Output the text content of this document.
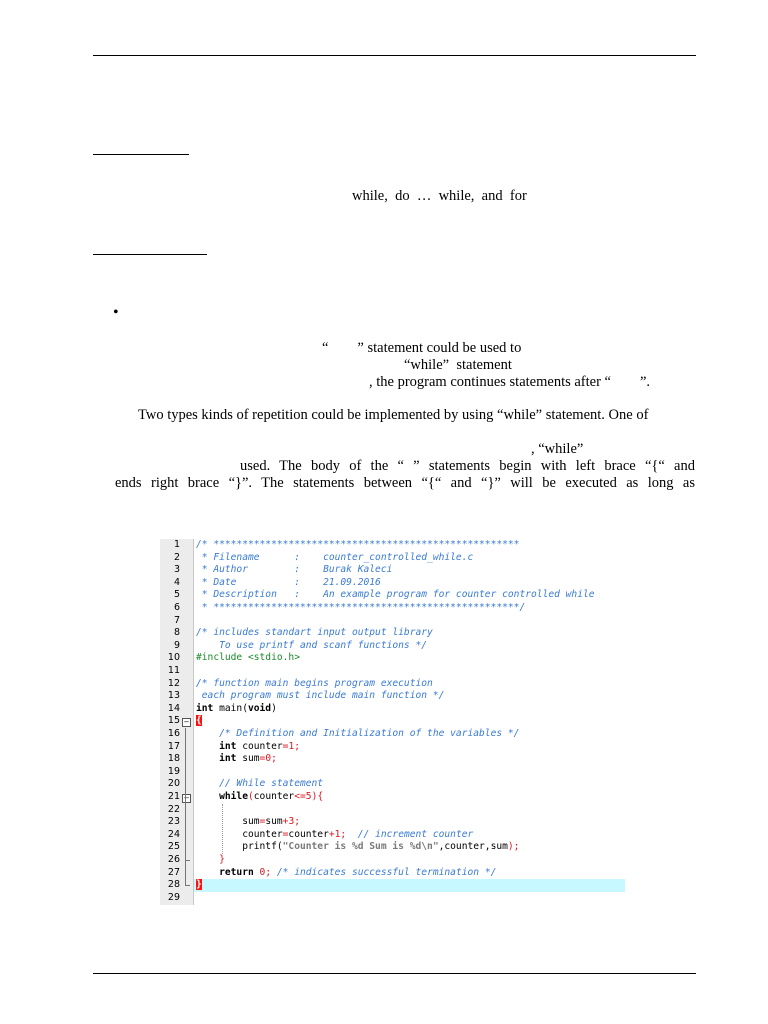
while,  do  …  while,  and  for
•
“        ” statement could be used to
“while”  statement
, the program continues statements after “        ”.
Two types kinds of repetition could be implemented by using “while” statement. One of
, “while”
used. The body of the “ ” statements begin with left brace “{“ and
ends right brace “}”. The statements between “{“ and “}” will be executed as long as
1 /* *****************************************************
2 * Filename      :    counter_controlled_while.c
3 * Author        :    Burak Kaleci
4 * Date          :    21.09.2016
5 * Description   :    An example program for counter controlled while
6 * *****************************************************/
7
8 /* includes standart input output library
9 To use printf and scanf functions */
10 #include <stdio.h>
11
12 /* function main begins program execution
13 each program must include main function */
14 int main(void)
15 {
16	/* Definition and Initialization of the variables */
17	int counter=1;
18	int sum=0;
19
20	// While statement
21	while(counter<=5){
22
23 sum=sum+3;
24 counter=counter+1; // increment counter
25 printf("Counter is %d Sum is %d\n",counter,sum);
26	}
27	return 0; /* indicates successful termination */
28 }
29
−
−
